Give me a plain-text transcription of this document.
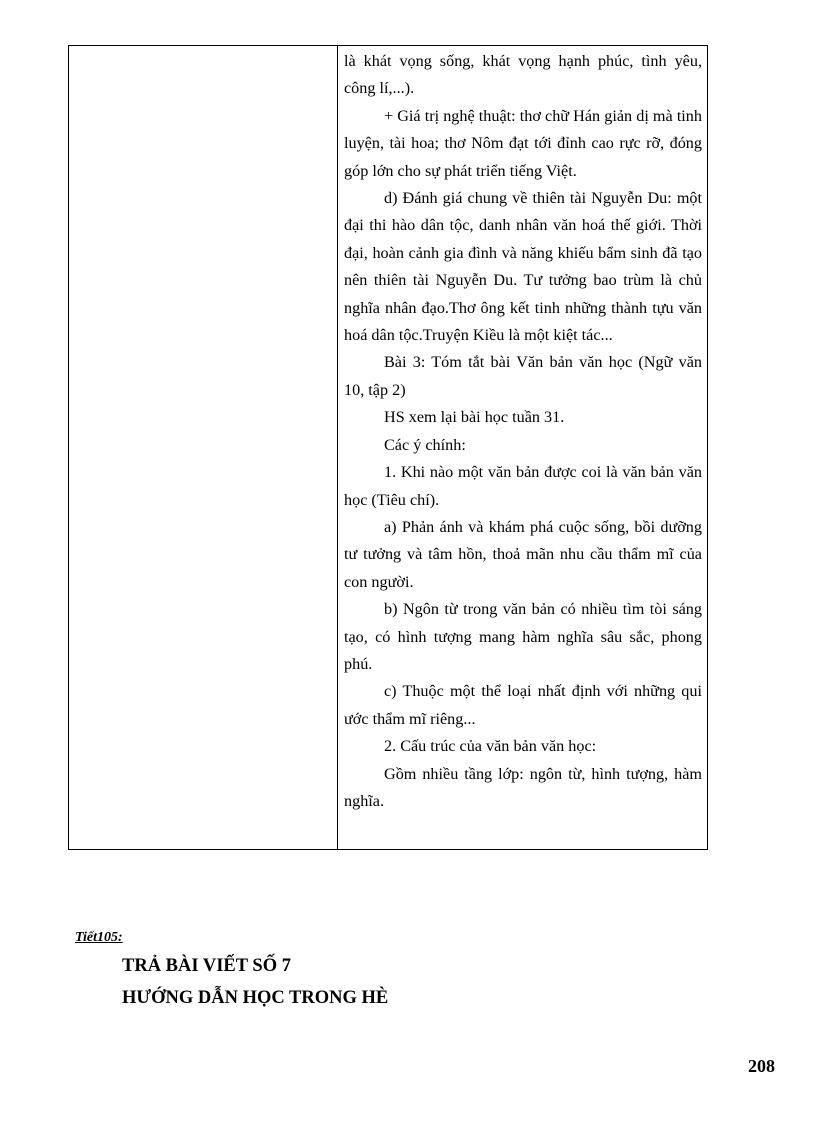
là khát vọng sống, khát vọng hạnh phúc, tình yêu, công lí,...).

+ Giá trị nghệ thuật: thơ chữ Hán giản dị mà tinh luyện, tài hoa; thơ Nôm đạt tới đỉnh cao rực rỡ, đóng góp lớn cho sự phát triển tiếng Việt.

d) Đánh giá chung về thiên tài Nguyễn Du: một đại thi hào dân tộc, danh nhân văn hoá thế giới. Thời đại, hoàn cảnh gia đình và năng khiếu bẩm sinh đã tạo nên thiên tài Nguyễn Du. Tư tưởng bao trùm là chủ nghĩa nhân đạo.Thơ ông kết tinh những thành tựu văn hoá dân tộc.Truyện Kiều là một kiệt tác...

Bài 3: Tóm tắt bài Văn bản văn học (Ngữ văn 10, tập 2)

HS xem lại bài học tuần 31.

Các ý chính:

1. Khi nào một văn bản được coi là văn bản văn học (Tiêu chí).

a) Phản ánh và khám phá cuộc sống, bồi dưỡng tư tưởng và tâm hồn, thoả mãn nhu cầu thẩm mĩ của con người.

b) Ngôn từ trong văn bản có nhiều tìm tòi sáng tạo, có hình tượng mang hàm nghĩa sâu sắc, phong phú.

c) Thuộc một thể loại nhất định với những qui ước thẩm mĩ riêng...

2. Cấu trúc của văn bản văn học:

Gồm nhiều tầng lớp: ngôn từ, hình tượng, hàm nghĩa.

Tiết105:
TRẢ BÀI VIẾT SỐ 7
HƯỚNG DẪN HỌC TRONG HÈ
208
